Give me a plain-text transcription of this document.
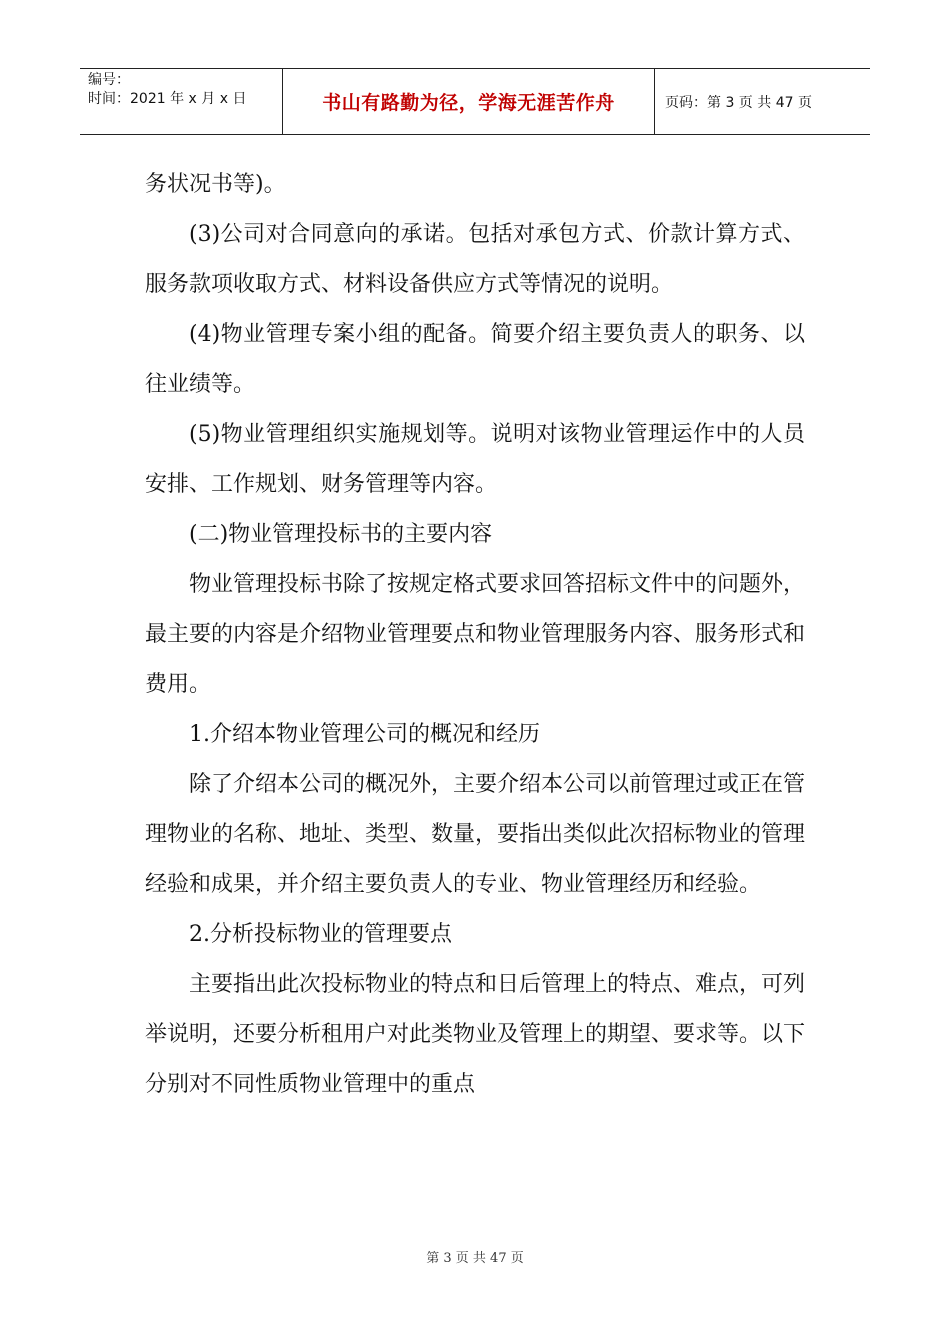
编号：
时间：2021 年 x 月 x 日	书山有路勤为径，学海无涯苦作舟	页码：第 3 页 共 47 页

务状况书等)。

(3)公司对合同意向的承诺。包括对承包方式、价款计算方式、服务款项收取方式、材料设备供应方式等情况的说明。

(4)物业管理专案小组的配备。简要介绍主要负责人的职务、以往业绩等。

(5)物业管理组织实施规划等。说明对该物业管理运作中的人员安排、工作规划、财务管理等内容。

(二)物业管理投标书的主要内容

物业管理投标书除了按规定格式要求回答招标文件中的问题外，最主要的内容是介绍物业管理要点和物业管理服务内容、服务形式和费用。

1.介绍本物业管理公司的概况和经历

除了介绍本公司的概况外，主要介绍本公司以前管理过或正在管理物业的名称、地址、类型、数量，要指出类似此次招标物业的管理经验和成果，并介绍主要负责人的专业、物业管理经历和经验。

2.分析投标物业的管理要点

主要指出此次投标物业的特点和日后管理上的特点、难点，可列举说明，还要分析租用户对此类物业及管理上的期望、要求等。以下分别对不同性质物业管理中的重点

第 3 页 共 47 页
